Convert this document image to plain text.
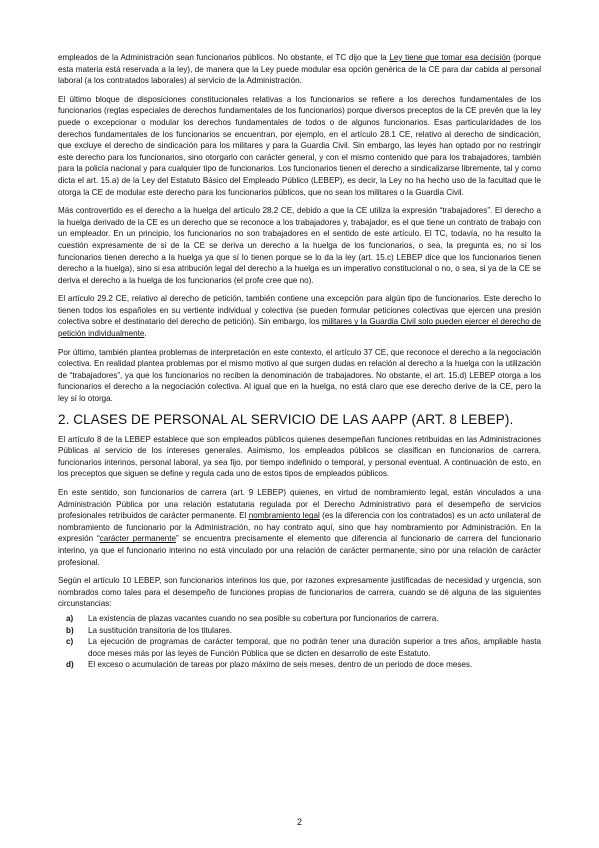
empleados de la Administración sean funcionarios públicos. No obstante, el TC dijo que la Ley tiene que tomar esa decisión (porque esta materia está reservada a la ley), de manera que la Ley puede modular esa opción genérica de la CE para dar cabida al personal laboral (a los contratados laborales) al servicio de la Administración.

El último bloque de disposiciones constitucionales relativas a los funcionarios se refiere a los derechos fundamentales de los funcionarios (reglas especiales de derechos fundamentales de los funcionarios) porque diversos preceptos de la CE prevén que la ley puede o excepcionar o modular los derechos fundamentales de todos o de algunos funcionarios. Esas particularidades de los derechos fundamentales de los funcionarios se encuentran, por ejemplo, en el artículo 28.1 CE, relativo al derecho de sindicación, que excluye el derecho de sindicación para los militares y para la Guardia Civil. Sin embargo, las leyes han optado por no restringir este derecho para los funcionarios, sino otorgarlo con carácter general, y con el mismo contenido que para los trabajadores, también para la policía nacional y para cualquier tipo de funcionarios. Los funcionarios tienen el derecho a sindicalizarse libremente, tal y como dicta el art. 15.a) de la Ley del Estatuto Básico del Empleado Público (LEBEP), es decir, la Ley no ha hecho uso de la facultad que le otorga la CE de modular este derecho para los funcionarios públicos, que no sean los militares o la Guardia Civil.

Más controvertido es el derecho a la huelga del artículo 28.2 CE, debido a que la CE utiliza la expresión “trabajadores”. El derecho a la huelga derivado de la CE es un derecho que se reconoce a los trabajadores y, trabajador, es el que tiene un contrato de trabajo con un empleador. En un principio, los funcionarios no son trabajadores en el sentido de este artículo. El TC, todavía, no ha resulto la cuestión expresamente de si de la CE se deriva un derecho a la huelga de los funcionarios, o sea, la pregunta es, no si los funcionarios tienen derecho a la huelga ya que sí lo tienen porque se lo da la ley (art. 15.c) LEBEP dice que los funcionarios tienen derecho a la huelga), sino si esa atribución legal del derecho a la huelga es un imperativo constitucional o no, o sea, si ya de la CE se deriva el derecho a la huelga de los funcionarios (el profe cree que no).

El artículo 29.2 CE, relativo al derecho de petición, también contiene una excepción para algún tipo de funcionarios. Este derecho lo tienen todos los españoles en su vertiente individual y colectiva (se pueden formular peticiones colectivas que ejercen una presión colectiva sobre el destinatario del derecho de petición). Sin embargo, los militares y la Guardia Civil solo pueden ejercer el derecho de petición individualmente.

Por último, también plantea problemas de interpretación en este contexto, el artículo 37 CE, que reconoce el derecho a la negociación colectiva. En realidad plantea problemas por el mismo motivo al que surgen dudas en relación al derecho a la huelga con la utilización de “trabajadores”, ya que los funcionarios no reciben la denominación de trabajadores. No obstante, el art. 15.d) LEBEP otorga a los funcionarios el derecho a la negociación colectiva. Al igual que en la huelga, no está claro que ese derecho derive de la CE, pero la ley sí lo otorga.

2. CLASES DE PERSONAL AL SERVICIO DE LAS AAPP (ART. 8 LEBEP).

El artículo 8 de la LEBEP establece que son empleados públicos quienes desempeñan funciones retribuidas en las Administraciones Públicas al servicio de los intereses generales. Asimismo, los empleados públicos se clasifican en funcionarios de carrera, funcionarios interinos, personal laboral, ya sea fijo, por tiempo indefinido o temporal, y personal eventual. A continuación de esto, en los preceptos que siguen se define y regula cada uno de estos tipos de empleados públicos.

En este sentido, son funcionarios de carrera (art. 9 LEBEP) quienes, en virtud de nombramiento legal, están vinculados a una Administración Pública por una relación estatutaria regulada por el Derecho Administrativo para el desempeño de servicios profesionales retribuidos de carácter permanente. El nombramiento legal (es la diferencia con los contratados) es un acto unilateral de nombramiento de funcionario por la Administración, no hay contrato aquí, sino que hay nombramiento por Administración. En la expresión “carácter permanente” se encuentra precisamente el elemento que diferencia al funcionario de carrera del funcionario interino, ya que el funcionario interino no está vinculado por una relación de carácter permanente, sino por una relación de carácter profesional.

Según el artículo 10 LEBEP, son funcionarios interinos los que, por razones expresamente justificadas de necesidad y urgencia, son nombrados como tales para el desempeño de funciones propias de funcionarios de carrera, cuando se dé alguna de las siguientes circunstancias:

a)	La existencia de plazas vacantes cuando no sea posible su cobertura por funcionarios de carrera.
b)	La sustitución transitoria de los titulares.
c)	La ejecución de programas de carácter temporal, que no podrán tener una duración superior a tres años, ampliable hasta doce meses más por las leyes de Función Pública que se dicten en desarrollo de este Estatuto.
d)	El exceso o acumulación de tareas por plazo máximo de seis meses, dentro de un periodo de doce meses.
2
